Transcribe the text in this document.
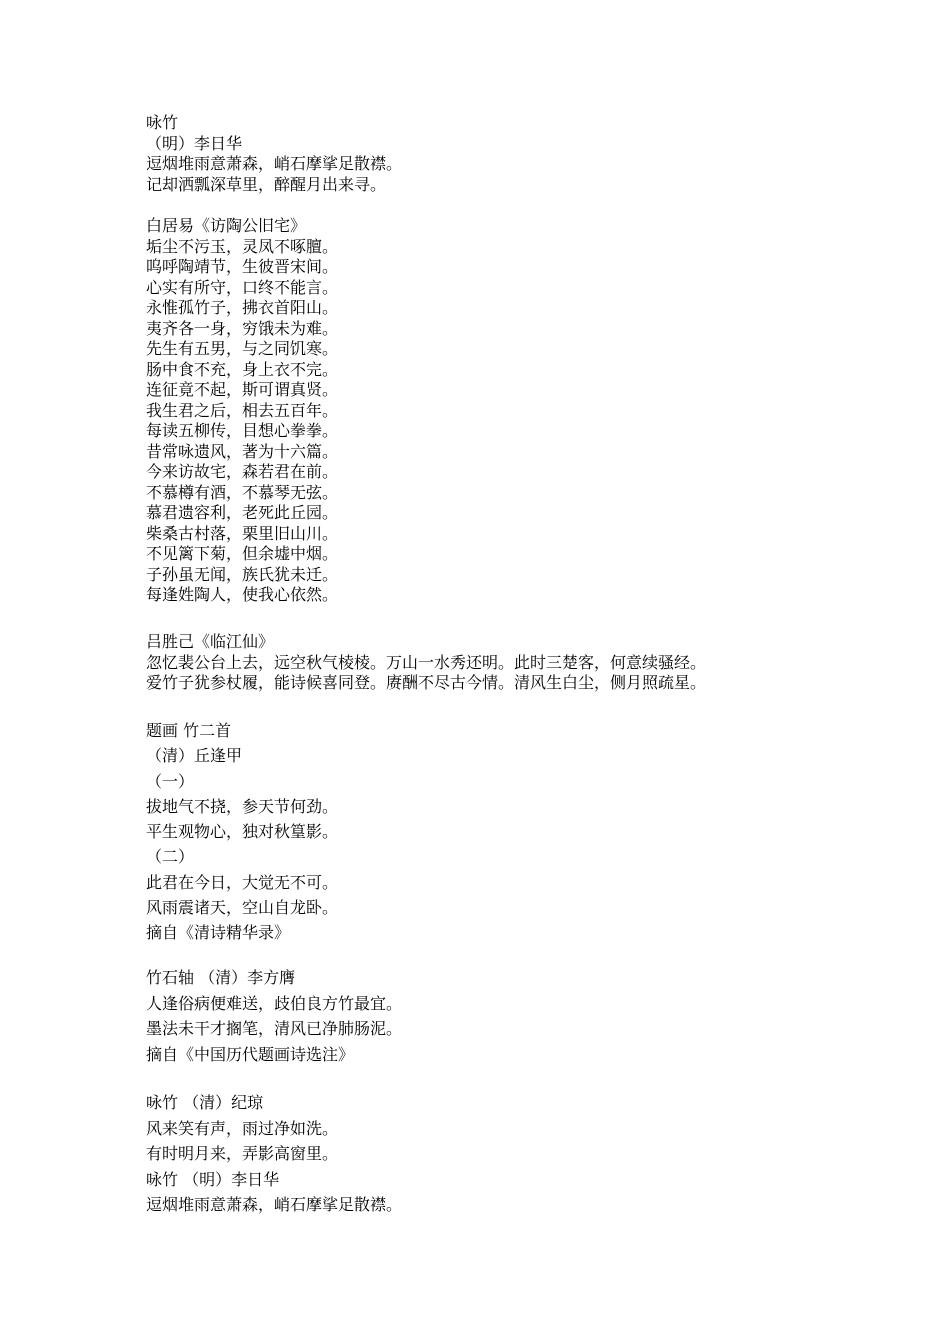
咏竹
（明）李日华
逗烟堆雨意萧森，峭石摩挲足散襟。
记却洒瓢深草里，醉醒月出来寻。
白居易《访陶公旧宅》
垢尘不污玉，灵凤不啄膻。
呜呼陶靖节，生彼晋宋间。
心实有所守，口终不能言。
永惟孤竹子，拂衣首阳山。
夷齐各一身，穷饿未为难。
先生有五男，与之同饥寒。
肠中食不充，身上衣不完。
连征竟不起，斯可谓真贤。
我生君之后，相去五百年。
每读五柳传，目想心拳拳。
昔常咏遗风，著为十六篇。
今来访故宅，森若君在前。
不慕樽有酒，不慕琴无弦。
慕君遗容利，老死此丘园。
柴桑古村落，栗里旧山川。
不见篱下菊，但余墟中烟。
子孙虽无闻，族氏犹未迁。
每逢姓陶人，使我心依然。
吕胜己《临江仙》
忽忆裴公台上去，远空秋气棱棱。万山一水秀还明。此时三楚客，何意续骚经。
爱竹子犹参杖履，能诗候喜同登。赓酬不尽古今情。清风生白尘，侧月照疏星。
题画 竹二首
（清）丘逢甲
（一）
拔地气不挠，参天节何劲。
平生观物心，独对秋篁影。
（二）
此君在今日，大觉无不可。
风雨震诸天，空山自龙卧。
摘自《清诗精华录》
竹石轴 （清）李方膺
人逢俗病便难送，歧伯良方竹最宜。
墨法未干才搁笔，清风已净肺肠泥。
摘自《中国历代题画诗选注》
咏竹 （清）纪琼
风来笑有声，雨过净如洗。
有时明月来，弄影高窗里。
咏竹 （明）李日华
逗烟堆雨意萧森，峭石摩挲足散襟。
